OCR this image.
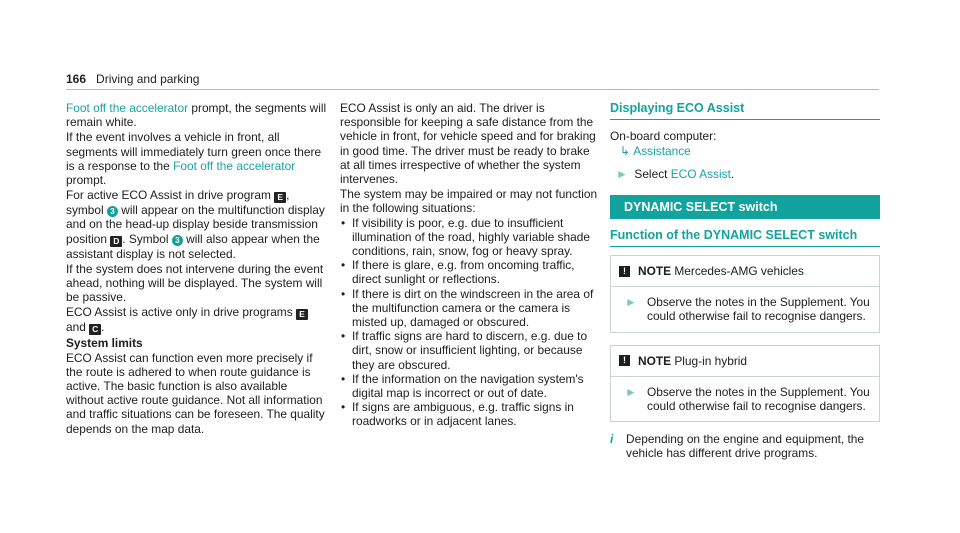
166 Driving and parking

Foot off the accelerator prompt, the segments will remain white.

If the event involves a vehicle in front, all segments will immediately turn green once there is a response to the Foot off the accelerator prompt.

For active ECO Assist in drive program E , symbol 3 will appear on the multifunction display and on the head-up display beside transmission position D . Symbol 3 will also appear when the assistant display is not selected.

If the system does not intervene during the event ahead, nothing will be displayed. The system will be passive.

ECO Assist is active only in drive programs E and C .

System limits

ECO Assist can function even more precisely if the route is adhered to when route guidance is active. The basic function is also available without active route guidance. Not all information and traffic situations can be foreseen. The quality depends on the map data.

ECO Assist is only an aid. The driver is responsible for keeping a safe distance from the vehicle in front, for vehicle speed and for braking in good time. The driver must be ready to brake at all times irrespective of whether the system intervenes.

The system may be impaired or may not function in the following situations:

• If visibility is poor, e.g. due to insufficient illumination of the road, highly variable shade conditions, rain, snow, fog or heavy spray.
• If there is glare, e.g. from oncoming traffic, direct sunlight or reflections.
• If there is dirt on the windscreen in the area of the multifunction camera or the camera is misted up, damaged or obscured.
• If traffic signs are hard to discern, e.g. due to dirt, snow or insufficient lighting, or because they are obscured.
• If the information on the navigation system's digital map is incorrect or out of date.
• If signs are ambiguous, e.g. traffic signs in roadworks or in adjacent lanes.

Displaying ECO Assist

On-board computer:

↳ Assistance

► Select ECO Assist.

DYNAMIC SELECT switch

Function of the DYNAMIC SELECT switch

!	NOTE Mercedes-AMG vehicles
► Observe the notes in the Supplement. You could otherwise fail to recognise dangers.
!	NOTE Plug-in hybrid
► Observe the notes in the Supplement. You could otherwise fail to recognise dangers.
i	Depending on the engine and equipment, the vehicle has different drive programs.
